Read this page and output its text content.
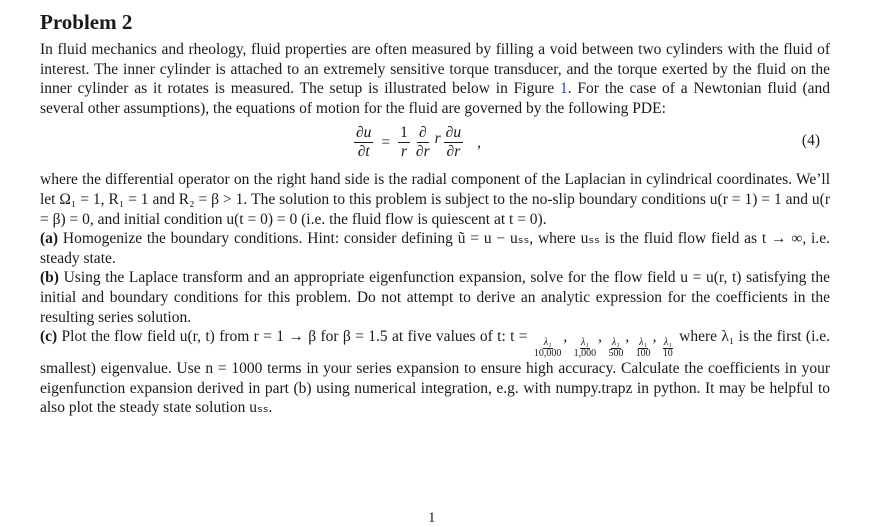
Problem 2

In fluid mechanics and rheology, fluid properties are often measured by filling a void between two cylinders with the fluid of interest. The inner cylinder is attached to an extremely sensitive torque transducer, and the torque exerted by the fluid on the inner cylinder as it rotates is measured. The setup is illustrated below in Figure 1. For the case of a Newtonian fluid (and several other assumptions), the equations of motion for the fluid are governed by the following PDE:

$\frac{\partial u}{\partial t} = \frac{1}{r} \frac{\partial}{\partial r}$ r $\frac{\partial u}{\partial r}$ ,	(4)

where the differential operator on the right hand side is the radial component of the Laplacian in cylindrical coordinates. We’ll let Ω₁ = 1, R₁ = 1 and R₂ = β > 1. The solution to this problem is subject to the no-slip boundary conditions u(r = 1) = 1 and u(r = β) = 0, and initial condition u(t = 0) = 0 (i.e. the fluid flow is quiescent at t = 0).

(a) Homogenize the boundary conditions. Hint: consider defining ũ = u − uₛₛ, where uₛₛ is the fluid flow field as t → ∞, i.e. steady state.

(b) Using the Laplace transform and an appropriate eigenfunction expansion, solve for the flow field u = u(r, t) satisfying the initial and boundary conditions for this problem. Do not attempt to derive an analytic expression for the coefficients in the resulting series solution.

(c) Plot the flow field u(r, t) from r = 1 → β for β = 1.5 at five values of t: t =
$\frac{\text{λ₁}}{10,000}$
,
$\frac{\text{λ₁}}{1,000}$
,
$\frac{\text{λ₁}}{500}$
,
$\frac{\text{λ₁}}{100}$
,
$\frac{\text{λ₁}}{10}$
where λ₁ is the first (i.e. smallest) eigenvalue. Use n = 1000 terms in your series expansion to ensure high accuracy. Calculate the coefficients in your eigenfunction expansion derived in part (b) using numerical integration, e.g. with numpy.trapz in python. It may be helpful to also plot the steady state solution uₛₛ.

1
